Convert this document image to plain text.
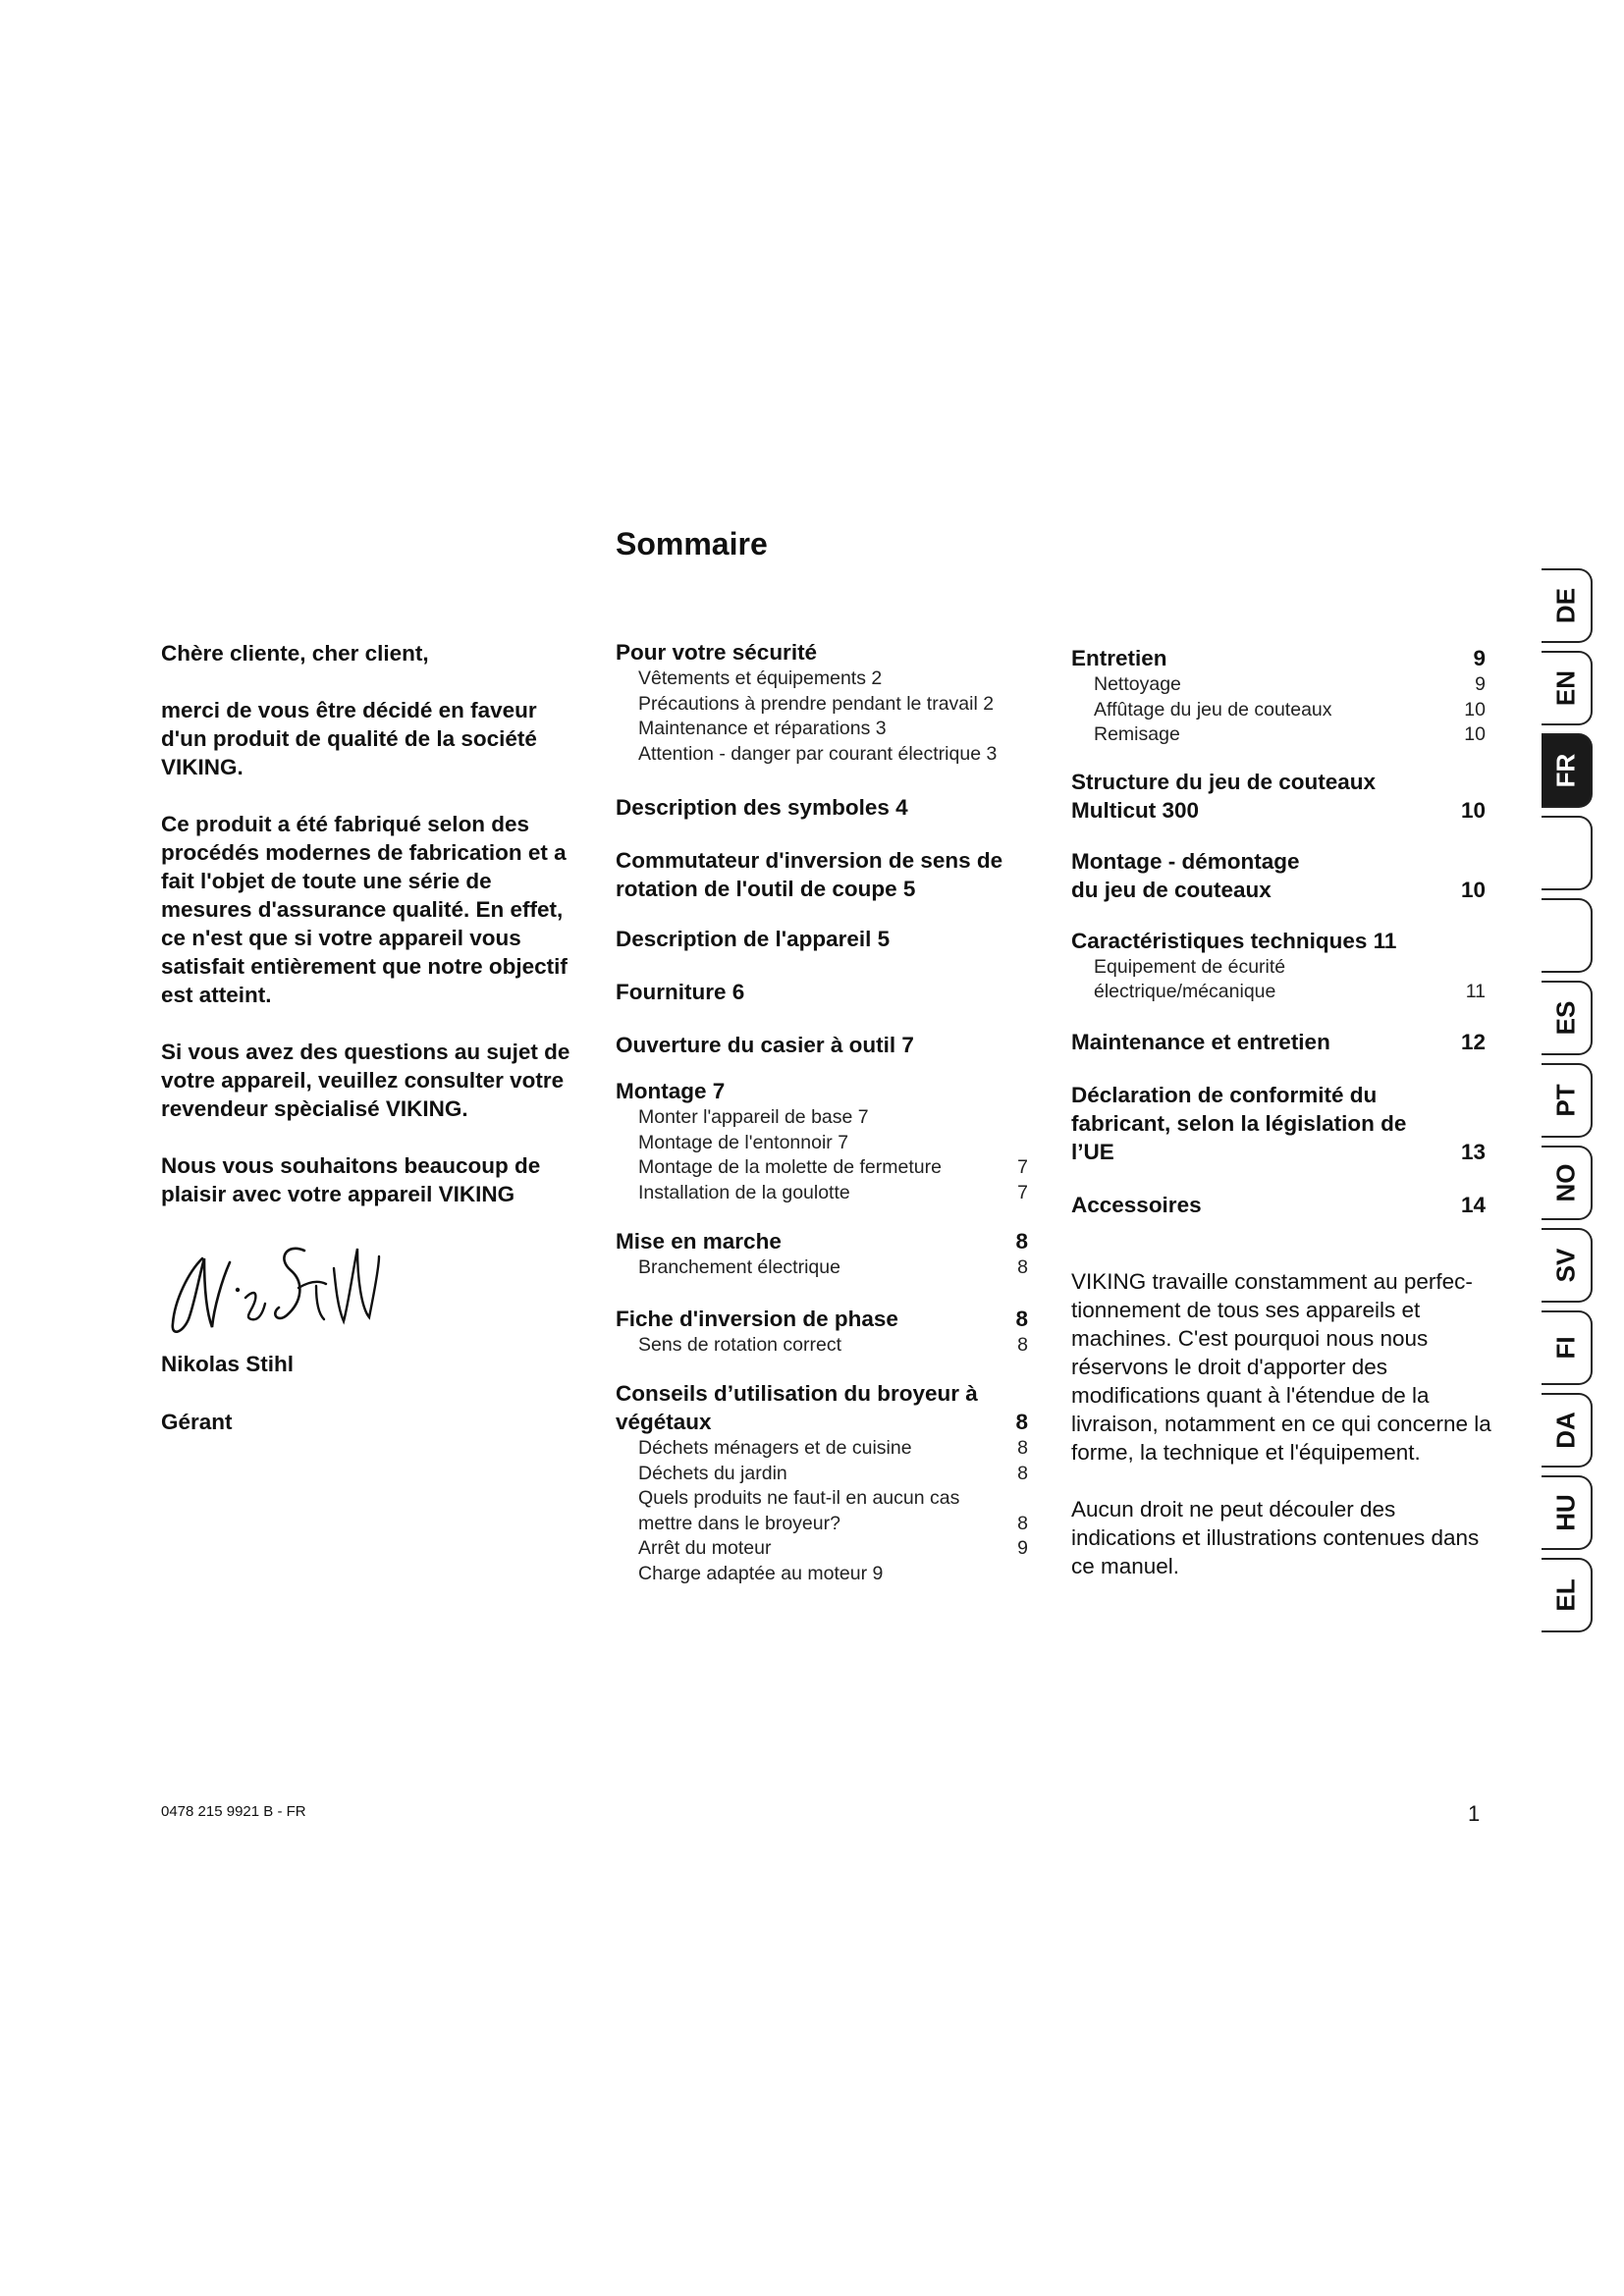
Sommaire

Chère cliente, cher client,

merci de vous être décidé en faveur d'un produit de qualité de la société VIKING.

Ce produit a été fabriqué selon des procédés modernes de fabrication et a fait l'objet de toute une série de mesures d'assurance qualité. En effet, ce n'est que si votre appareil vous satisfait entièrement que notre objectif est atteint.

Si vous avez des questions au sujet de votre appareil, veuillez consulter votre revendeur spècialisé VIKING.

Nous vous souhaitons beaucoup de plaisir avec votre appareil VIKING

Nikolas Stihl
Gérant
Pour votre sécurité
Vêtements et équipements 2
Précautions à prendre pendant le travail 2
Maintenance et réparations 3
Attention - danger par courant électrique 3
Description des symboles 4
Commutateur d'inversion de sens de rotation de l'outil de coupe 5
Description de l'appareil 5
Fourniture 6
Ouverture du casier à outil 7
Montage 7
Monter l'appareil de base 7
Montage de l'entonnoir 7
Montage de la molette de fermeture	7
Installation de la goulotte	7
Mise en marche	8
Branchement électrique	8
Fiche d'inversion de phase	8
Sens de rotation correct	8
Conseils d’utilisation du broyeur à végétaux	8
Déchets ménagers et de cuisine	8
Déchets du jardin	8
Quels produits ne faut-il en aucun cas mettre dans le broyeur?	8
Arrêt du moteur	9
Charge adaptée au moteur 9
Entretien	9
Nettoyage	9
Affûtage du jeu de couteaux	10
Remisage	10
Structure du jeu de couteaux Multicut 300	10
Montage - démontage du jeu de couteaux	10
Caractéristiques techniques 11
Equipement de écurité électrique/mécanique	11
Maintenance et entretien	12
Déclaration de conformité du fabricant, selon la législation de l’UE	13
Accessoires	14

VIKING travaille constamment au perfec-tionnement de tous ses appareils et machines. C'est pourquoi nous nous réservons le droit d'apporter des modifications quant à l'étendue de la livraison, notamment en ce qui concerne la forme, la technique et l'équipement.

Aucun droit ne peut découler des indications et illustrations contenues dans ce manuel.

0478 215 9921 B - FR	1
DE
EN
FR
ES
PT
NO
SV
FI
DA
HU
EL
